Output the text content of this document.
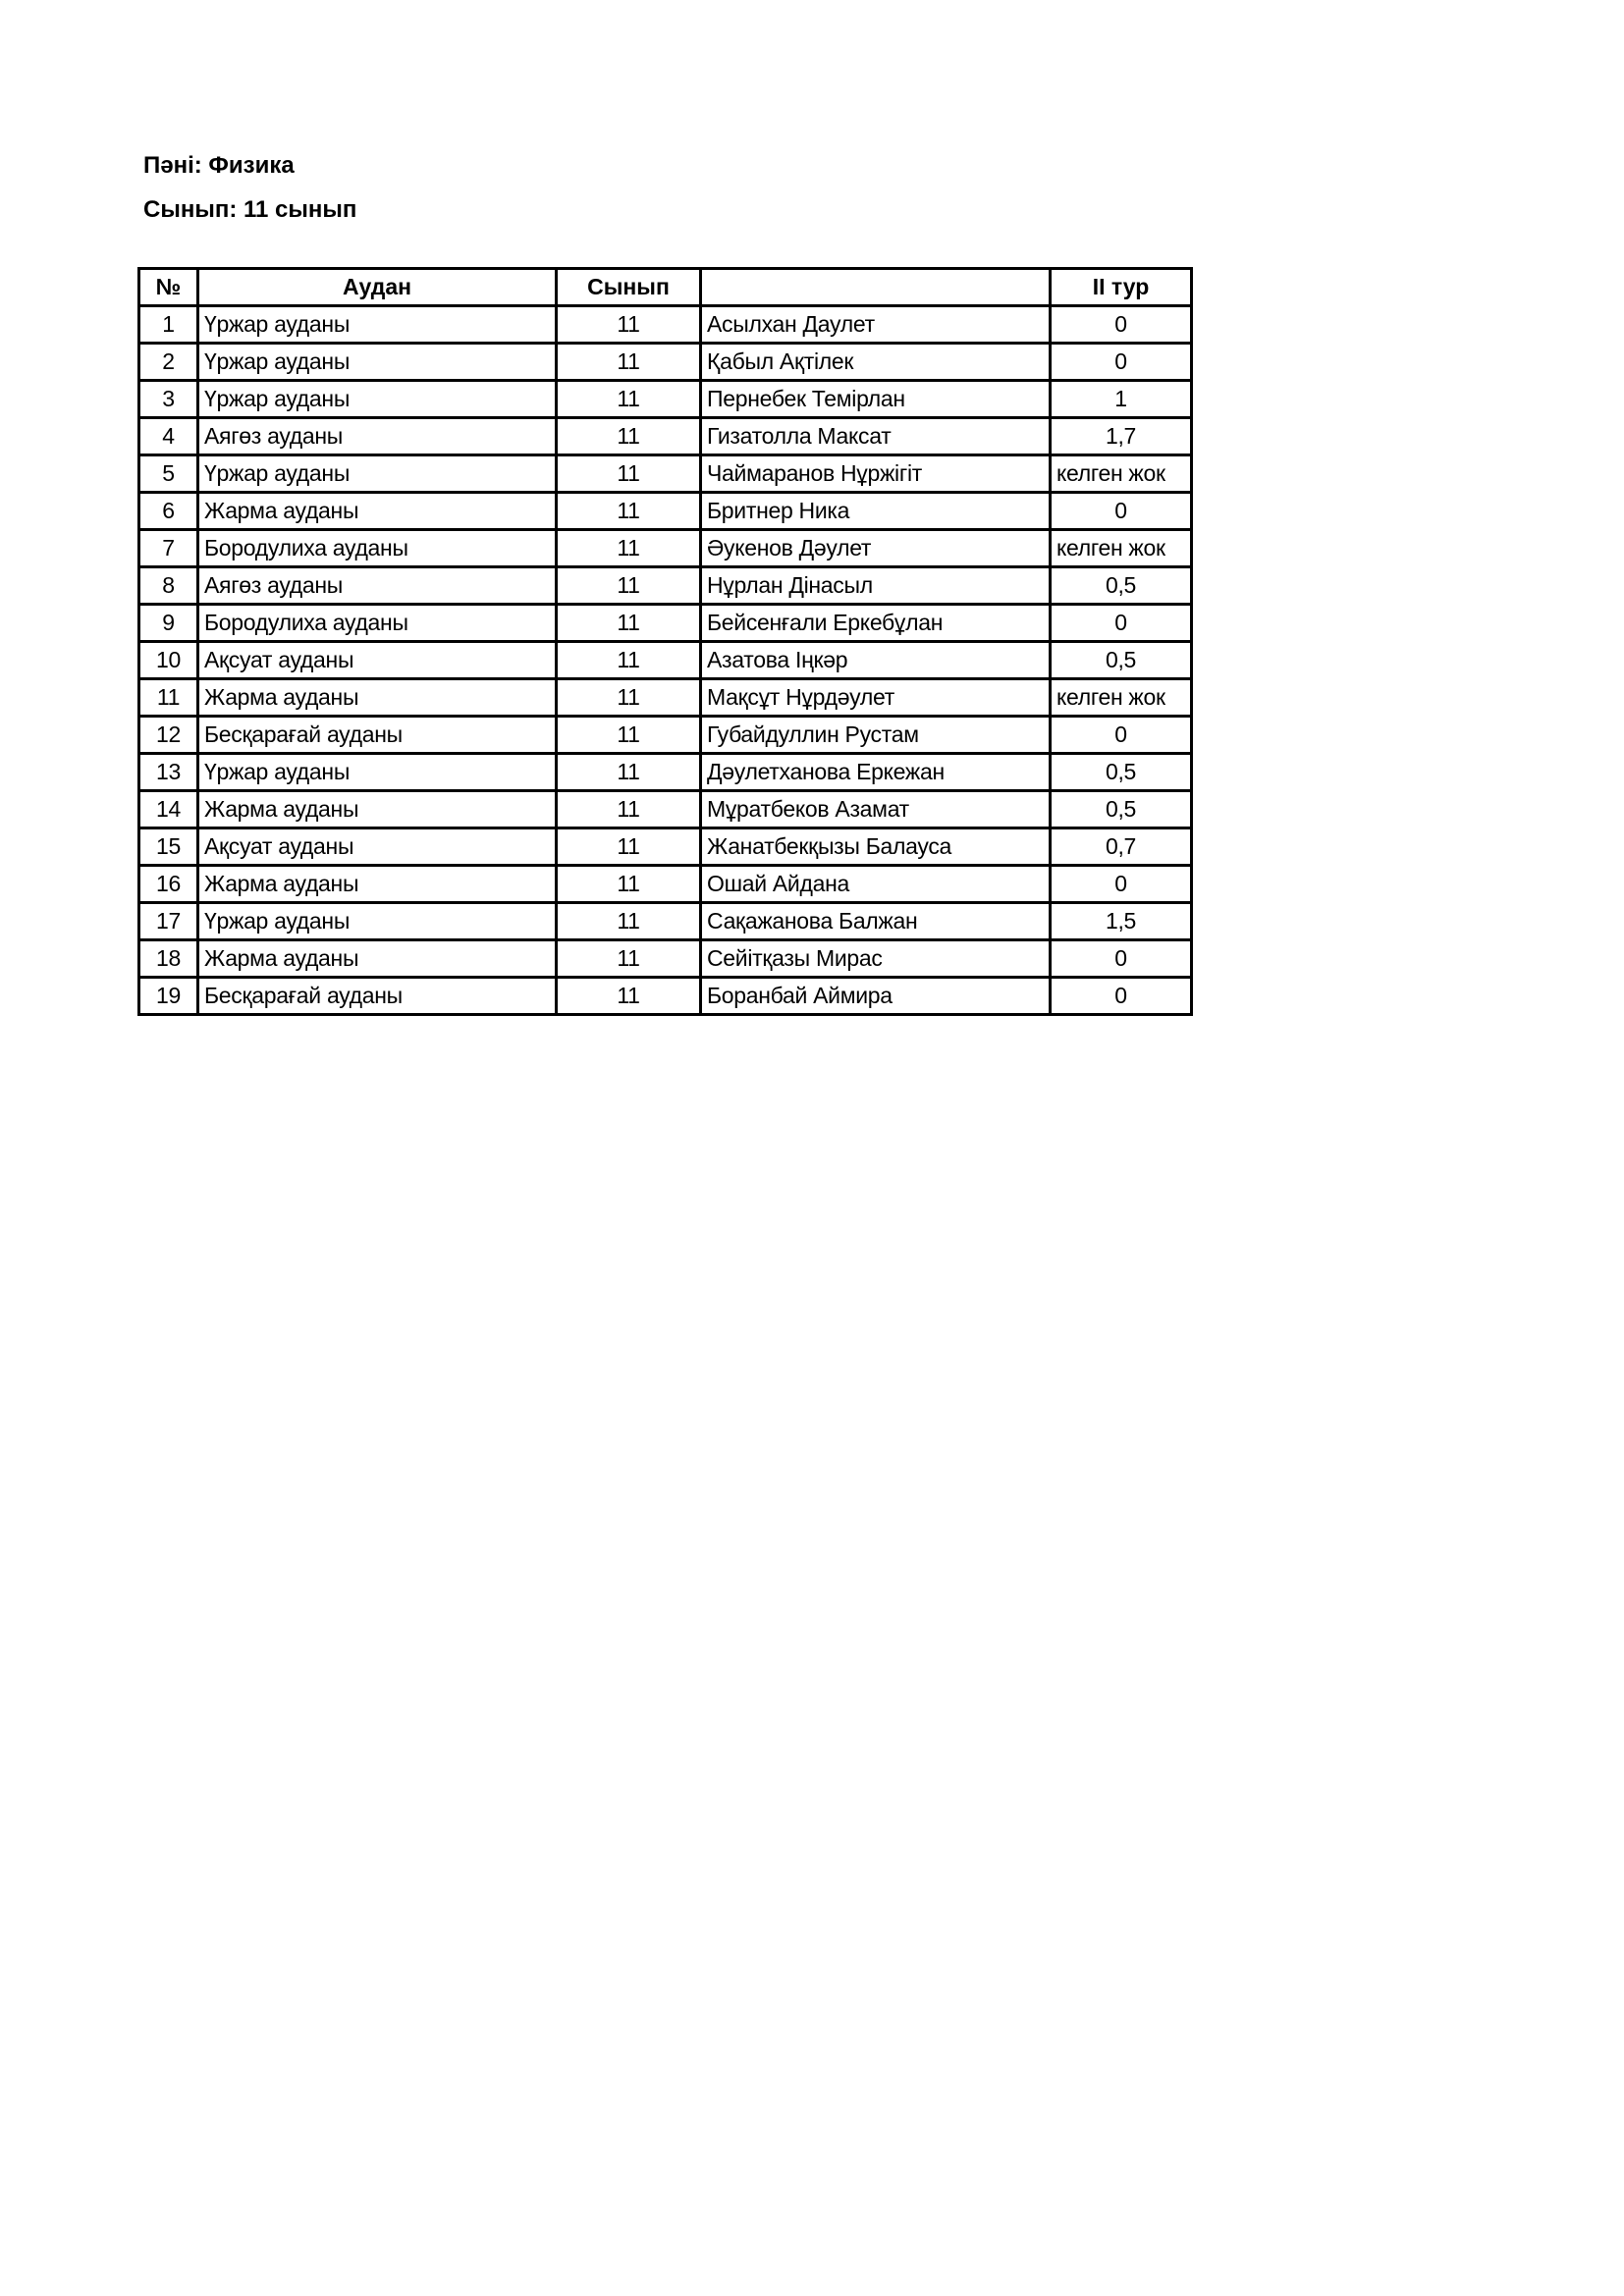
Пәні: Физика
Сынып: 11 сынып
№	Аудан	Сынып		II тур
1	Үржар ауданы	11	Асылхан Даулет	0
2	Үржар ауданы	11	Қабыл Ақтілек	0
3	Үржар ауданы	11	Пернебек Темірлан	1
4	Аягөз ауданы	11	Гизатолла Максат	1,7
5	Үржар ауданы	11	Чаймаранов Нұржігіт	келген жок
6	Жарма ауданы	11	Бритнер Ника	0
7	Бородулиха ауданы	11	Әукенов Дәулет	келген жок
8	Аягөз ауданы	11	Нұрлан Дінасыл	0,5
9	Бородулиха ауданы	11	Бейсенғали Еркебұлан	0
10	Ақсуат ауданы	11	Азатова Іңкәр	0,5
11	Жарма ауданы	11	Мақсұт Нұрдәулет	келген жок
12	Бесқарағай ауданы	11	Губайдуллин Рустам	0
13	Үржар ауданы	11	Дәулетханова Еркежан	0,5
14	Жарма ауданы	11	Мұратбеков Азамат	0,5
15	Ақсуат ауданы	11	Жанатбекқызы Балауса	0,7
16	Жарма ауданы	11	Ошай Айдана	0
17	Үржар ауданы	11	Сақажанова Балжан	1,5
18	Жарма ауданы	11	Сейітқазы Мирас	0
19	Бесқарағай ауданы	11	Боранбай Аймира	0
